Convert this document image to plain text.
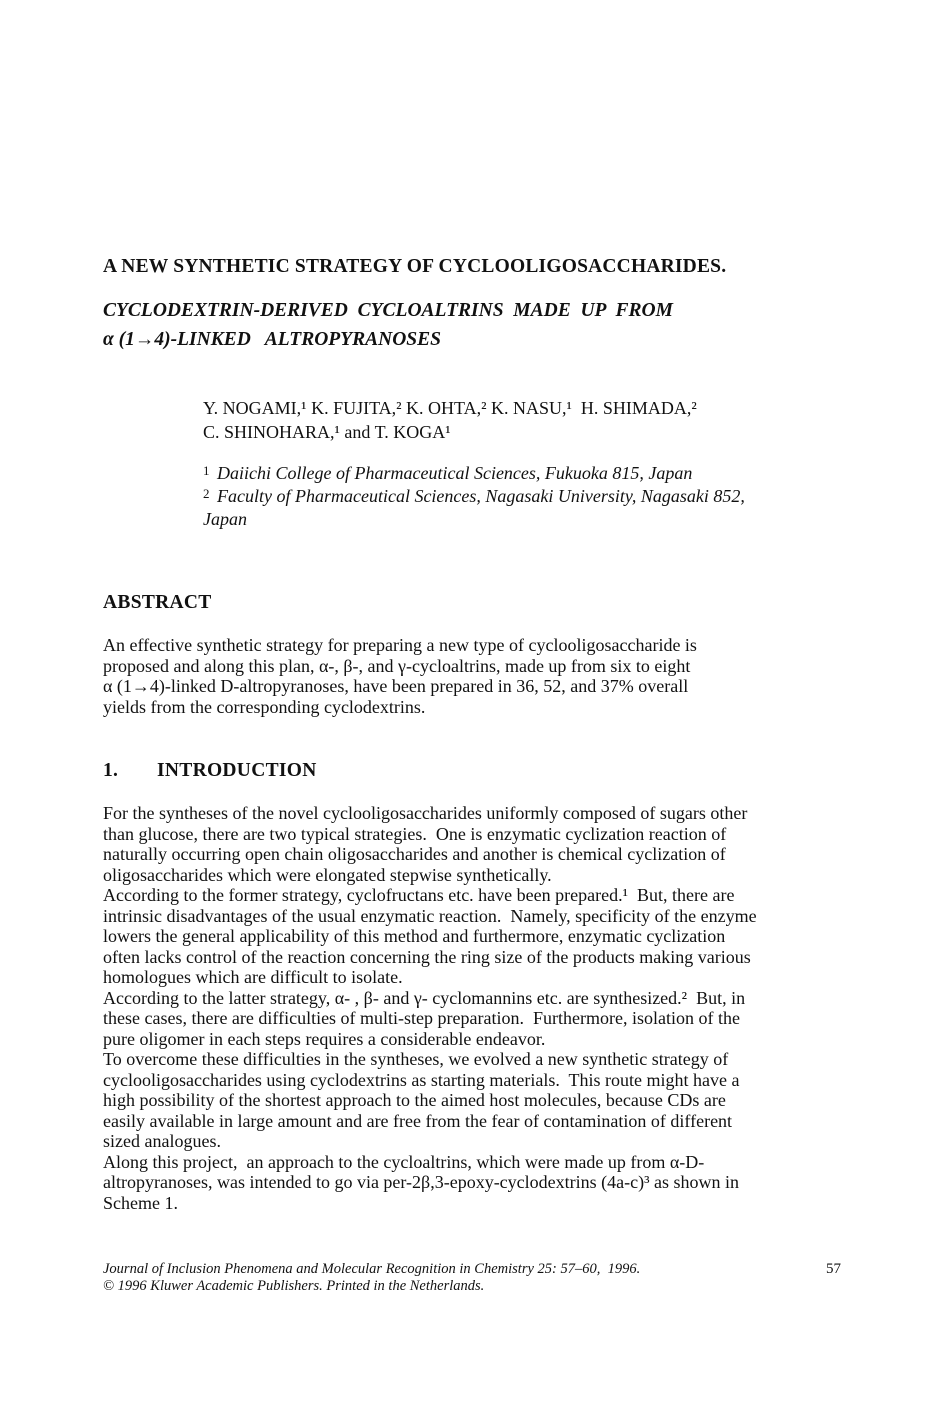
A NEW SYNTHETIC STRATEGY OF CYCLOOLIGOSACCHARIDES.
CYCLODEXTRIN-DERIVED  CYCLOALTRINS  MADE  UP  FROM
α (1→4)-LINKED   ALTROPYRANOSES
Y. NOGAMI,¹ K. FUJITA,² K. OHTA,² K. NASU,¹  H. SHIMADA,²
C. SHINOHARA,¹ and T. KOGA¹
1 Daiichi College of Pharmaceutical Sciences, Fukuoka 815, Japan
2 Faculty of Pharmaceutical Sciences, Nagasaki University, Nagasaki 852,
Japan
ABSTRACT
An effective synthetic strategy for preparing a new type of cyclooligosaccharide is
proposed and along this plan, α-, β-, and γ-cycloaltrins, made up from six to eight
α (1→4)-linked D-altropyranoses, have been prepared in 36, 52, and 37% overall
yields from the corresponding cyclodextrins.
1. INTRODUCTION
For the syntheses of the novel cyclooligosaccharides uniformly composed of sugars other
than glucose, there are two typical strategies.  One is enzymatic cyclization reaction of
naturally occurring open chain oligosaccharides and another is chemical cyclization of
oligosaccharides which were elongated stepwise synthetically.
According to the former strategy, cyclofructans etc. have been prepared.¹  But, there are
intrinsic disadvantages of the usual enzymatic reaction.  Namely, specificity of the enzyme
lowers the general applicability of this method and furthermore, enzymatic cyclization
often lacks control of the reaction concerning the ring size of the products making various
homologues which are difficult to isolate.
According to the latter strategy, α- , β- and γ- cyclomannins etc. are synthesized.²  But, in
these cases, there are difficulties of multi-step preparation.  Furthermore, isolation of the
pure oligomer in each steps requires a considerable endeavor.
To overcome these difficulties in the syntheses, we evolved a new synthetic strategy of
cyclooligosaccharides using cyclodextrins as starting materials.  This route might have a
high possibility of the shortest approach to the aimed host molecules, because CDs are
easily available in large amount and are free from the fear of contamination of different
sized analogues.
Along this project,  an approach to the cycloaltrins, which were made up from α-D-
altropyranoses, was intended to go via per-2β,3-epoxy-cyclodextrins (4a-c)³ as shown in
Scheme 1.
Journal of Inclusion Phenomena and Molecular Recognition in Chemistry 25: 57–60,  1996.
© 1996 Kluwer Academic Publishers. Printed in the Netherlands.
57
